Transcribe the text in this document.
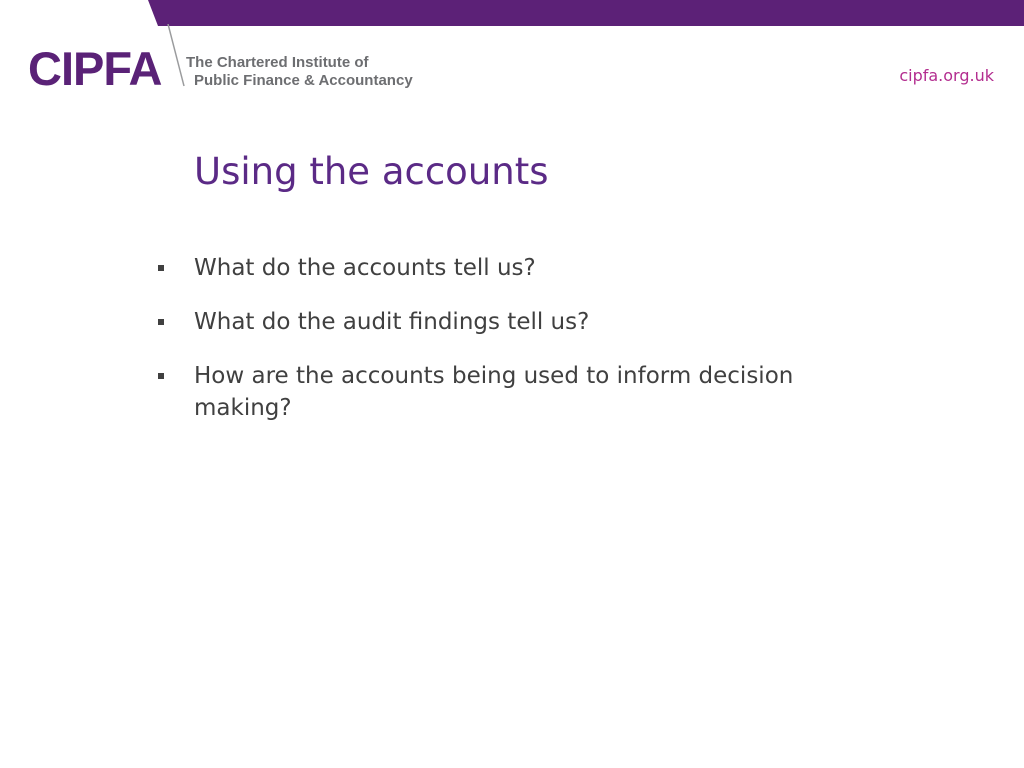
CIPFA The Chartered Institute of
Public Finance & Accountancy	cipfa.org.uk
Using the accounts
What do the accounts tell us?
What do the audit findings tell us?
How are the accounts being used to inform decision making?
